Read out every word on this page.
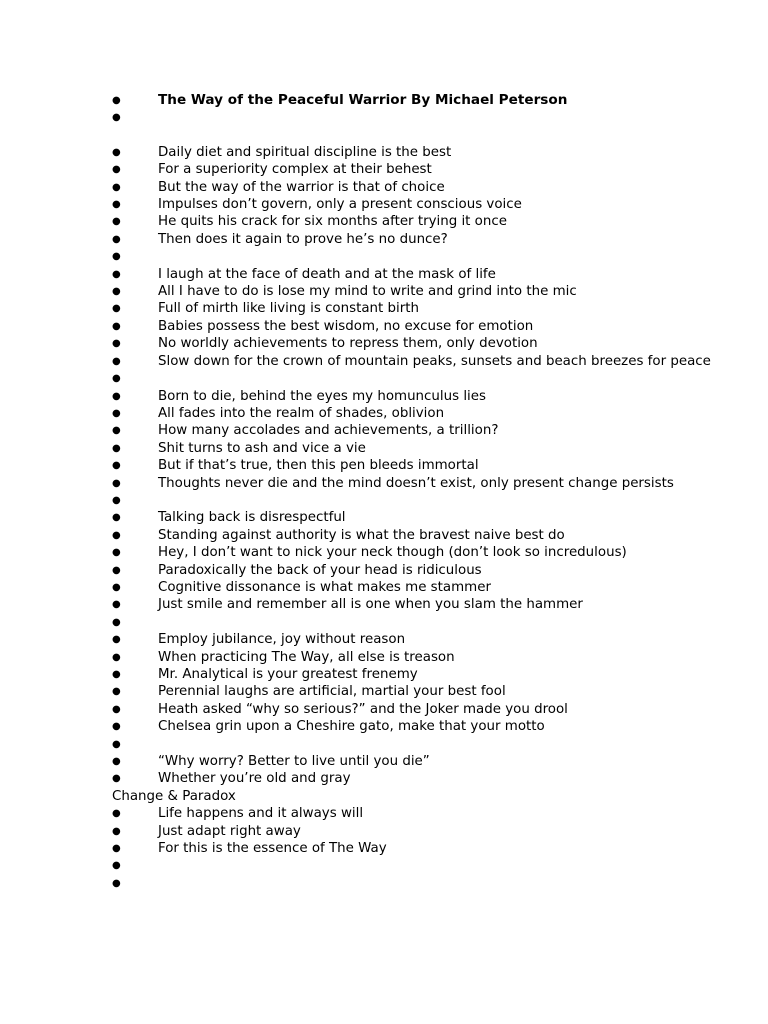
●	The Way of the Peaceful Warrior By Michael Peterson
●
●	Daily diet and spiritual discipline is the best
●	For a superiority complex at their behest
●	But the way of the warrior is that of choice
●	Impulses don’t govern, only a present conscious voice
●	He quits his crack for six months after trying it once
●	Then does it again to prove he’s no dunce?
●
●	I laugh at the face of death and at the mask of life
●	All I have to do is lose my mind to write and grind into the mic
●	Full of mirth like living is constant birth
●	Babies possess the best wisdom, no excuse for emotion
●	No worldly achievements to repress them, only devotion
●	Slow down for the crown of mountain peaks, sunsets and beach breezes for peace
●
●	Born to die, behind the eyes my homunculus lies
●	All fades into the realm of shades, oblivion
●	How many accolades and achievements, a trillion?
●	Shit turns to ash and vice a vie
●	But if that’s true, then this pen bleeds immortal
●	Thoughts never die and the mind doesn’t exist, only present change persists
●
●	Talking back is disrespectful
●	Standing against authority is what the bravest naive best do
●	Hey, I don’t want to nick your neck though (don’t look so incredulous)
●	Paradoxically the back of your head is ridiculous
●	Cognitive dissonance is what makes me stammer
●	Just smile and remember all is one when you slam the hammer
●
●	Employ jubilance, joy without reason
●	When practicing The Way, all else is treason
●	Mr. Analytical is your greatest frenemy
●	Perennial laughs are artificial, martial your best fool
●	Heath asked “why so serious?” and the Joker made you drool
●	Chelsea grin upon a Cheshire gato, make that your motto
●
●	“Why worry? Better to live until you die”
●	Whether you’re old and gray
Change & Paradox
●	Life happens and it always will
●	Just adapt right away
●	For this is the essence of The Way
●
●
